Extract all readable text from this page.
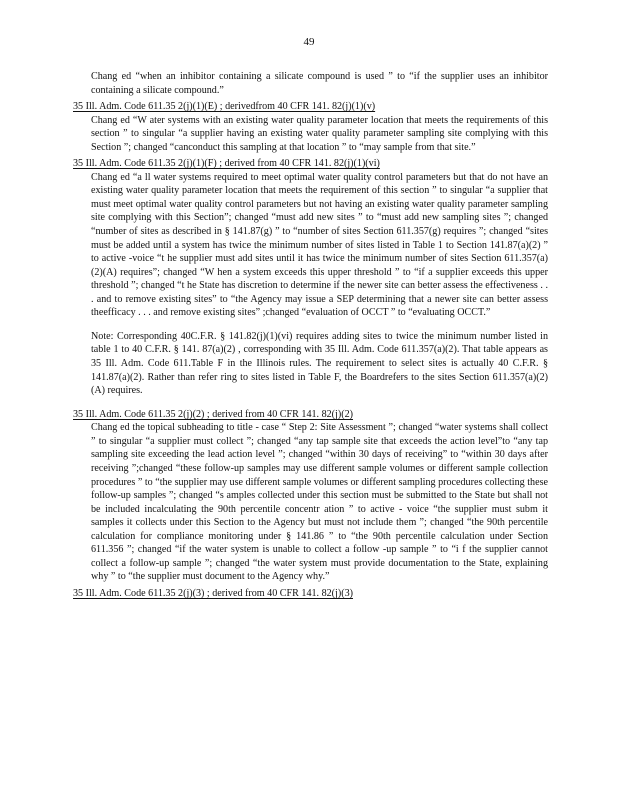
49

Chang ed “when an inhibitor containing a silicate compound is used ” to “if the supplier uses an inhibitor containing a silicate compound.”

35 Ill. Adm. Code 611.35 2(j)(1)(E) ; derivedfrom 40 CFR 141. 82(j)(1)(v)

Chang ed “W ater systems with an existing water quality parameter location that meets the requirements of this section ” to singular “a supplier having an existing water quality parameter sampling site complying with this Section ”; changed “canconduct this sampling at that location ” to “may sample from that site.”

35 Ill. Adm. Code 611.35 2(j)(1)(F) ; derived from 40 CFR 141. 82(j)(1)(vi)

Chang ed “a ll water systems required to meet optimal water quality control parameters but that do not have an existing water quality parameter location that meets the requirement of this section ” to singular “a supplier that must meet optimal water quality control parameters but not having an existing water quality parameter sampling site complying with this Section”; changed “must add new sites ” to “must add new sampling sites ”; changed “number of sites as described in § 141.87(g) ” to “number of sites Section 611.357(g) requires ”; changed “sites must be added until a system has twice the minimum number of sites listed in Table 1 to Section 141.87(a)(2) ” to active -voice “t he supplier must add sites until it has twice the minimum number of sites Section 611.357(a)(2)(A) requires”; changed “W hen a system exceeds this upper threshold ” to “if a supplier exceeds this upper threshold ”; changed “t he State has discretion to determine if the newer site can better assess the effectiveness . . . and to remove existing sites” to “the Agency may issue a SEP determining that a newer site can better assess theefficacy . . . and remove existing sites” ;changed “evaluation of OCCT ” to “evaluating OCCT.”

Note: Corresponding 40C.F.R. § 141.82(j)(1)(vi) requires adding sites to twice the minimum number listed in table 1 to 40 C.F.R. § 141. 87(a)(2) , corresponding with 35 Ill. Adm. Code 611.357(a)(2). That table appears as 35 Ill. Adm. Code 611.Table F in the Illinois rules. The requirement to select sites is actually 40 C.F.R. § 141.87(a)(2). Rather than refer ring to sites listed in Table F, the Boardrefers to the sites Section 611.357(a)(2)(A) requires.

35 Ill. Adm. Code 611.35 2(j)(2) ; derived from 40 CFR 141. 82(j)(2)

Chang ed the topical subheading to title - case “ Step 2: Site Assessment ”; changed “water systems shall collect ” to singular “a supplier must collect ”; changed “any tap sample site that exceeds the action level”to “any tap sampling site exceeding the lead action level ”; changed “within 30 days of receiving” to “within 30 days after receiving ”;changed “these follow-up samples may use different sample volumes or different sample collection procedures ” to “the supplier may use different sample volumes or different sampling procedures collecting these follow-up samples ”; changed “s amples collected under this section must be submitted to the State but shall not be included incalculating the 90th percentile concentr ation ” to active - voice “the supplier must subm it samples it collects under this Section to the Agency but must not include them ”; changed “the 90th percentile calculation for compliance monitoring under § 141.86 ” to “the 90th percentile calculation under Section 611.356 ”; changed “if the water system is unable to collect a follow -up sample ” to “i f the supplier cannot collect a follow-up sample ”; changed “the water system must provide documentation to the State, explaining why ” to “the supplier must document to the Agency why.”

35 Ill. Adm. Code 611.35 2(j)(3) ; derived from 40 CFR 141. 82(j)(3)
